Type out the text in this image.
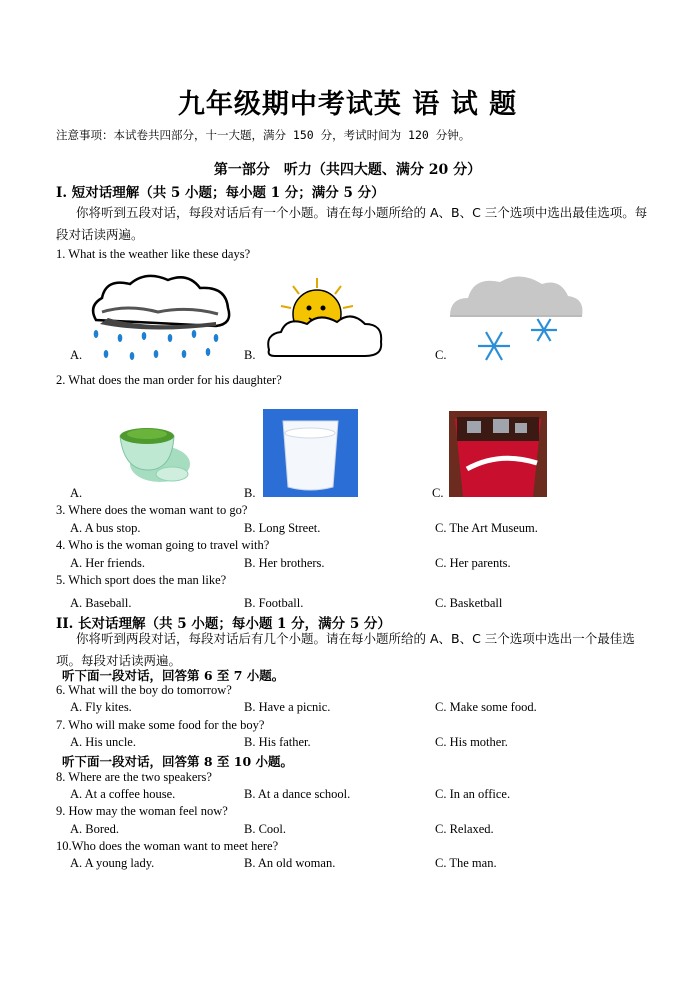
九年级期中考试英 语 试 题
注意事项：本试卷共四部分，十一大题，满分 150 分，考试时间为 120 分钟。
第一部分　听力（共四大题、满分 20 分）
I. 短对话理解（共 5 小题；每小题 1 分；满分 5 分）
你将听到五段对话，每段对话后有一个小题。请在每小题所给的 A、B、C 三个选项中选出最佳选项。每段对话读两遍。
1. What is the weather like these days?
A.	B.	C.
2. What does the man order for his daughter?
A.	B.	C.
3. Where does the woman want to go?
A. A bus stop.	B. Long Street.	C. The Art Museum.
4. Who is the woman going to travel with?
A. Her friends.	B. Her brothers.	C. Her parents.
5. Which sport does the man like?
A. Baseball.	B. Football.	C. Basketball
II. 长对话理解（共 5 小题；每小题 1 分，满分 5 分）
你将听到两段对话，每段对话后有几个小题。请在每小题所给的 A、B、C 三个选项中选出一个最佳选项。每段对话读两遍。
听下面一段对话，回答第 6 至 7 小题。
6. What will the boy do tomorrow?
A. Fly kites.	B. Have a picnic.	C. Make some food.
7. Who will make some food for the boy?
A. His uncle.	B. His father.	C. His mother.
听下面一段对话，回答第 8 至 10 小题。
8. Where are the two speakers?
A. At a coffee house.	B. At a dance school.	C. In an office.
9. How may the woman feel now?
A. Bored.	B. Cool.	C. Relaxed.
10.Who does the woman want to meet here?
A. A young lady.	B. An old woman.	C. The man.
